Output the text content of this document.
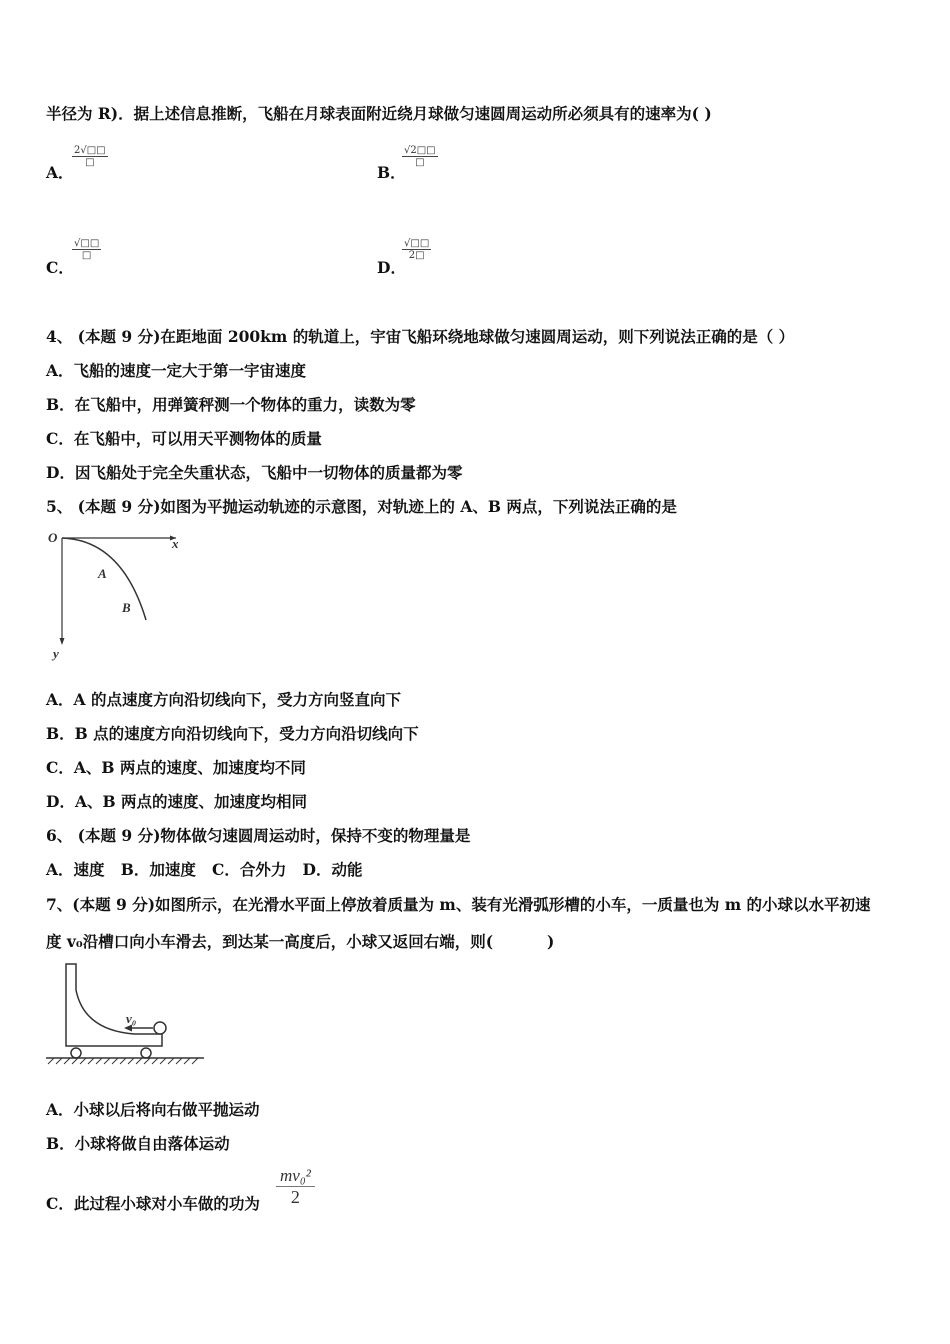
半径为 R)．据上述信息推断，飞船在月球表面附近绕月球做匀速圆周运动所必须具有的速率为( )
A．
2√□□
□
B．
√2□□
□
C．
√□□
□
D．
√□□
2□
4、 (本题 9 分)在距地面 200km 的轨道上，宇宙飞船环绕地球做匀速圆周运动，则下列说法正确的是（ ）
A．飞船的速度一定大于第一宇宙速度
B．在飞船中，用弹簧秤测一个物体的重力，读数为零
C．在飞船中，可以用天平测物体的质量
D．因飞船处于完全失重状态，飞船中一切物体的质量都为零
5、 (本题 9 分)如图为平抛运动轨迹的示意图，对轨迹上的 A、B 两点，下列说法正确的是
O	x
y
A
B
A．A 的点速度方向沿切线向下，受力方向竖直向下
B．B 点的速度方向沿切线向下，受力方向沿切线向下
C．A、B 两点的速度、加速度均不同
D．A、B 两点的速度、加速度均相同
6、 (本题 9 分)物体做匀速圆周运动时，保持不变的物理量是
A．速度   B．加速度   C．合外力   D．动能
7、(本题 9 分)如图所示，在光滑水平面上停放着质量为 m、装有光滑弧形槽的小车，一质量也为 m 的小球以水平初速
度 v₀沿槽口向小车滑去，到达某一高度后，小球又返回右端，则(          )
v₀
A．小球以后将向右做平抛运动
B．小球将做自由落体运动
C．此过程小球对小车做的功为 $\frac{\text{mv₀²}}{2}$
